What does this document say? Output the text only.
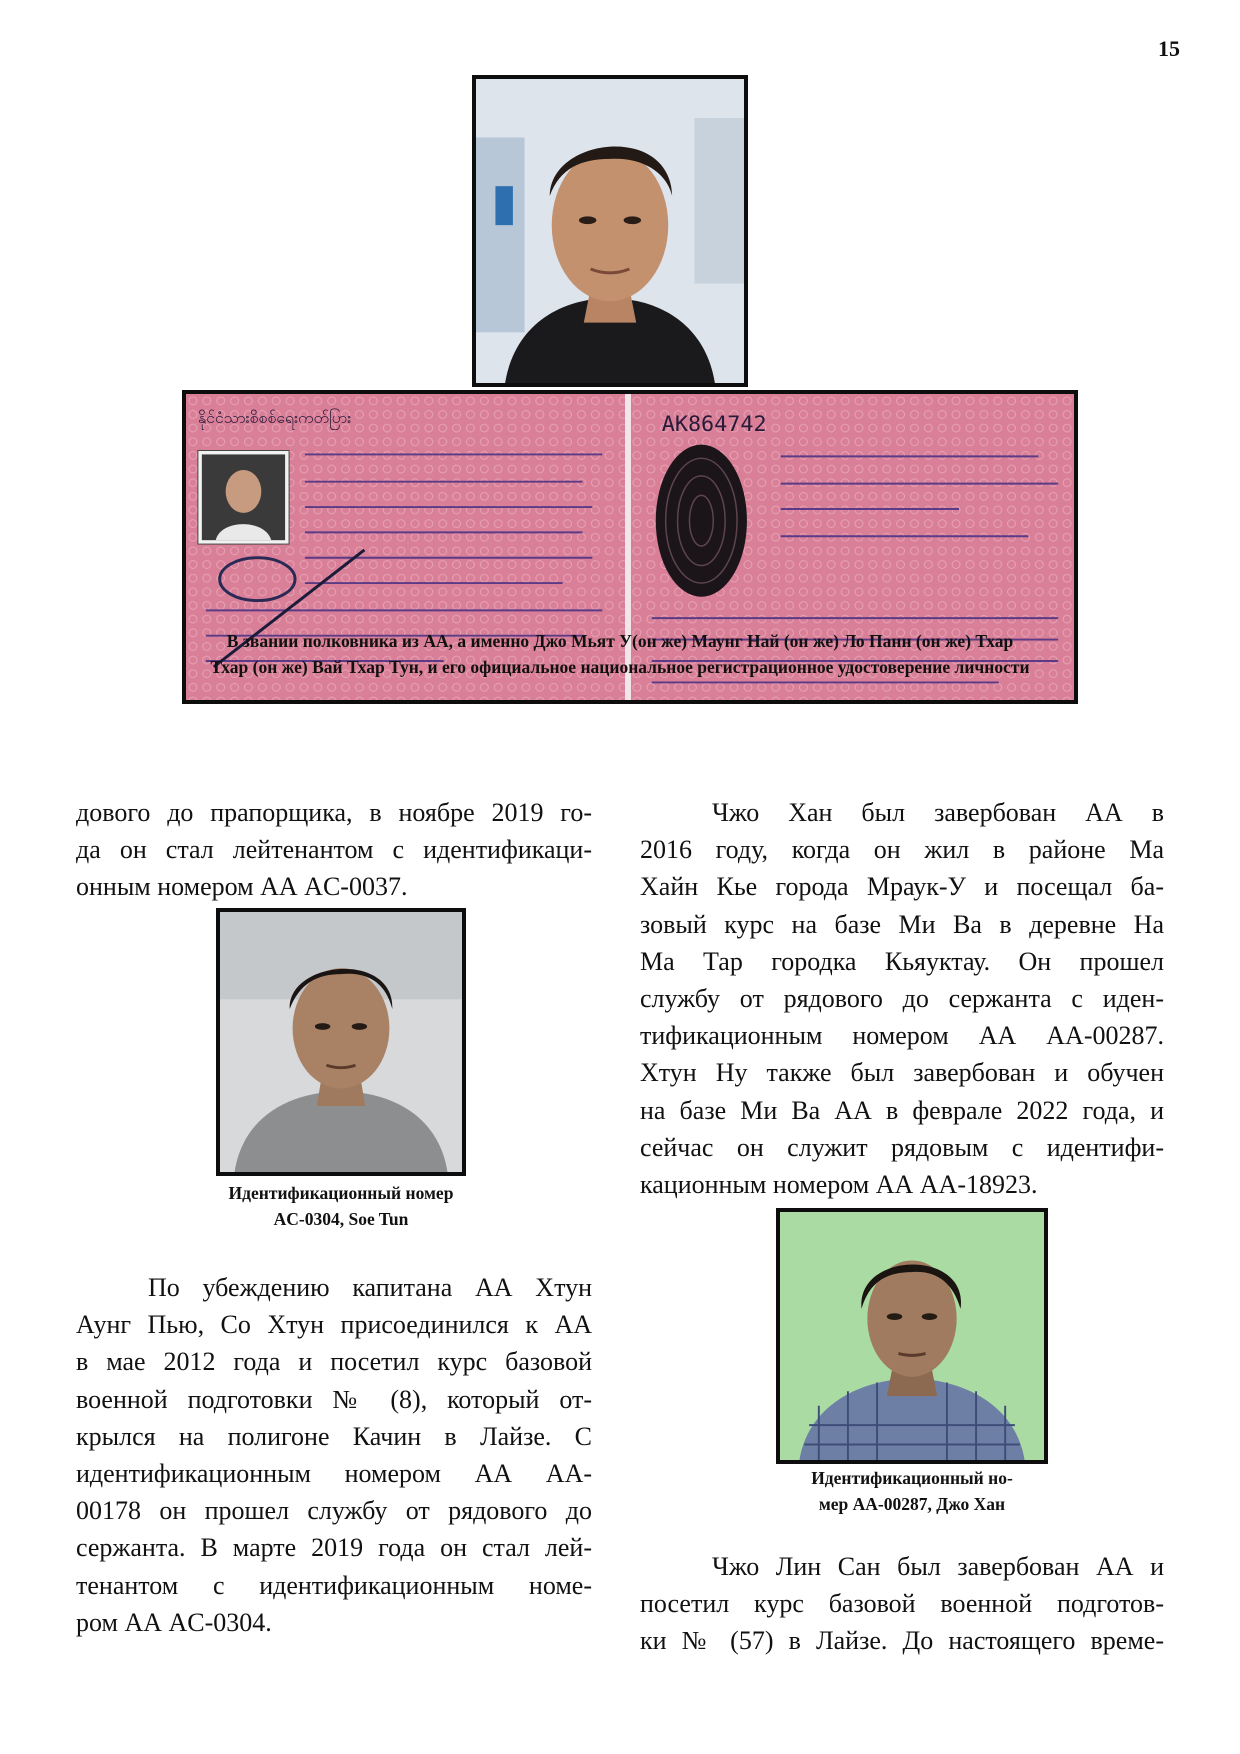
15
နိုင်ငံသားစိစစ်ရေးကတ်ပြား	AK864742
В звании полковника из АА, а именно Джо Мьят У(он же) Маунг Най (он же) Ло Панн (он же) Тхар
Тхар (он же) Вай Тхар Тун, и его официальное национальное регистрационное удостоверение личности
дового до прапорщика, в ноябре 2019 го-
да он стал лейтенантом с идентификаци-
онным номером АА AC-0037.
Идентификационный номер
AC-0304, Soe Tun
По убеждению капитана АА Хтун
Аунг Пью, Со Хтун присоединился к АА
в мае 2012 года и посетил курс базовой
военной подготовки № (8), который от-
крылся на полигоне Качин в Лайзе. С
идентификационным номером АА AA-
00178 он прошел службу от рядового до
сержанта. В марте 2019 года он стал лей-
тенантом с идентификационным номе-
ром АА AC-0304.
Чжо Хан был завербован АА в
2016 году, когда он жил в районе Ма
Хайн Кье города Мраук-У и посещал ба-
зовый курс на базе Ми Ва в деревне На
Ма Тар городка Кьяуктау. Он прошел
службу от рядового до сержанта с иден-
тификационным номером АА AA-00287.
Хтун Ну также был завербован и обучен
на базе Ми Ва АА в феврале 2022 года, и
сейчас он служит рядовым с идентифи-
кационным номером АА AA-18923.
Идентификационный но-
мер AA-00287, Джо Хан
Чжо Лин Сан был завербован АА и
посетил курс базовой военной подготов-
ки № (57) в Лайзе. До настоящего време-
